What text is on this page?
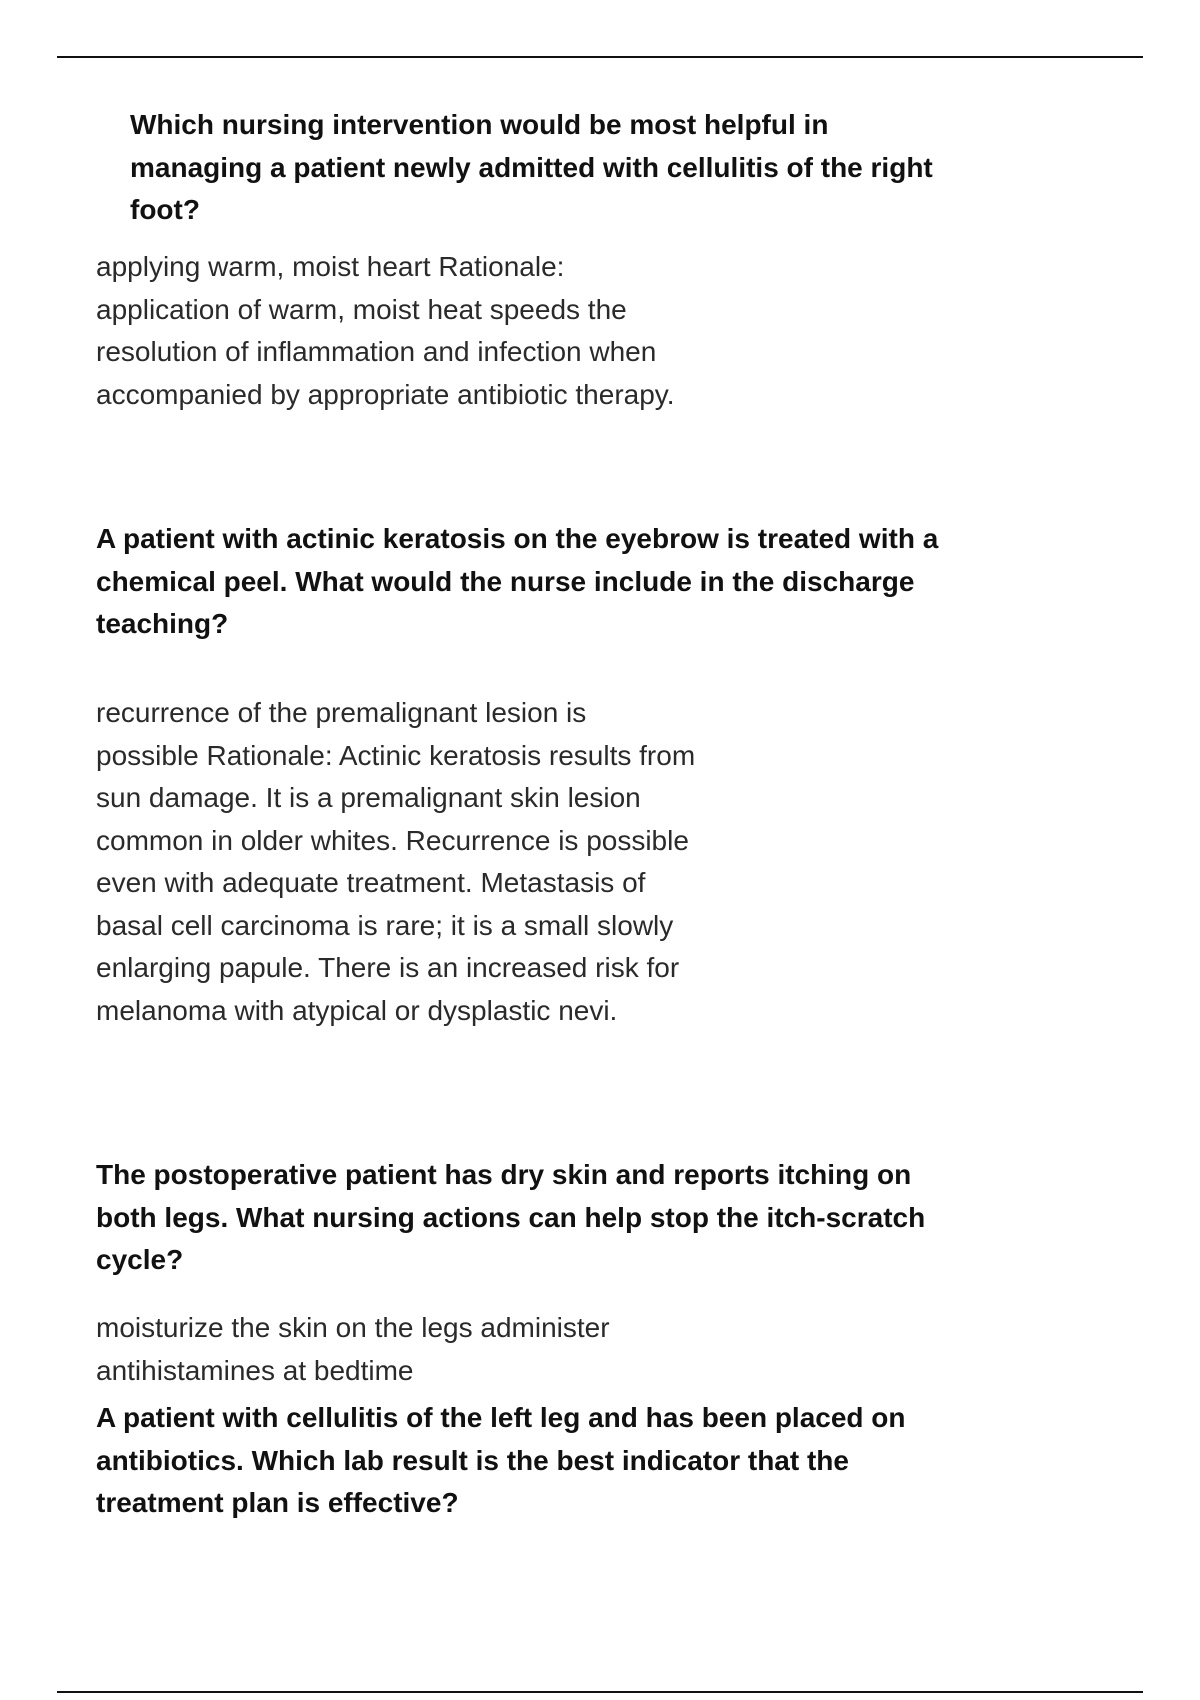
Which nursing intervention would be most helpful in managing a patient newly admitted with cellulitis of the right foot?

applying warm, moist heart Rationale: application of warm, moist heat speeds the resolution of inflammation and infection when accompanied by appropriate antibiotic therapy.

A patient with actinic keratosis on the eyebrow is treated with a chemical peel. What would the nurse include in the discharge teaching?

recurrence of the premalignant lesion is possible Rationale: Actinic keratosis results from sun damage. It is a premalignant skin lesion common in older whites. Recurrence is possible even with adequate treatment. Metastasis of basal cell carcinoma is rare; it is a small slowly enlarging papule. There is an increased risk for melanoma with atypical or dysplastic nevi.

The postoperative patient has dry skin and reports itching on both legs. What nursing actions can help stop the itch-scratch cycle?

moisturize the skin on the legs administer antihistamines at bedtime

A patient with cellulitis of the left leg and has been placed on antibiotics. Which lab result is the best indicator that the treatment plan is effective?
